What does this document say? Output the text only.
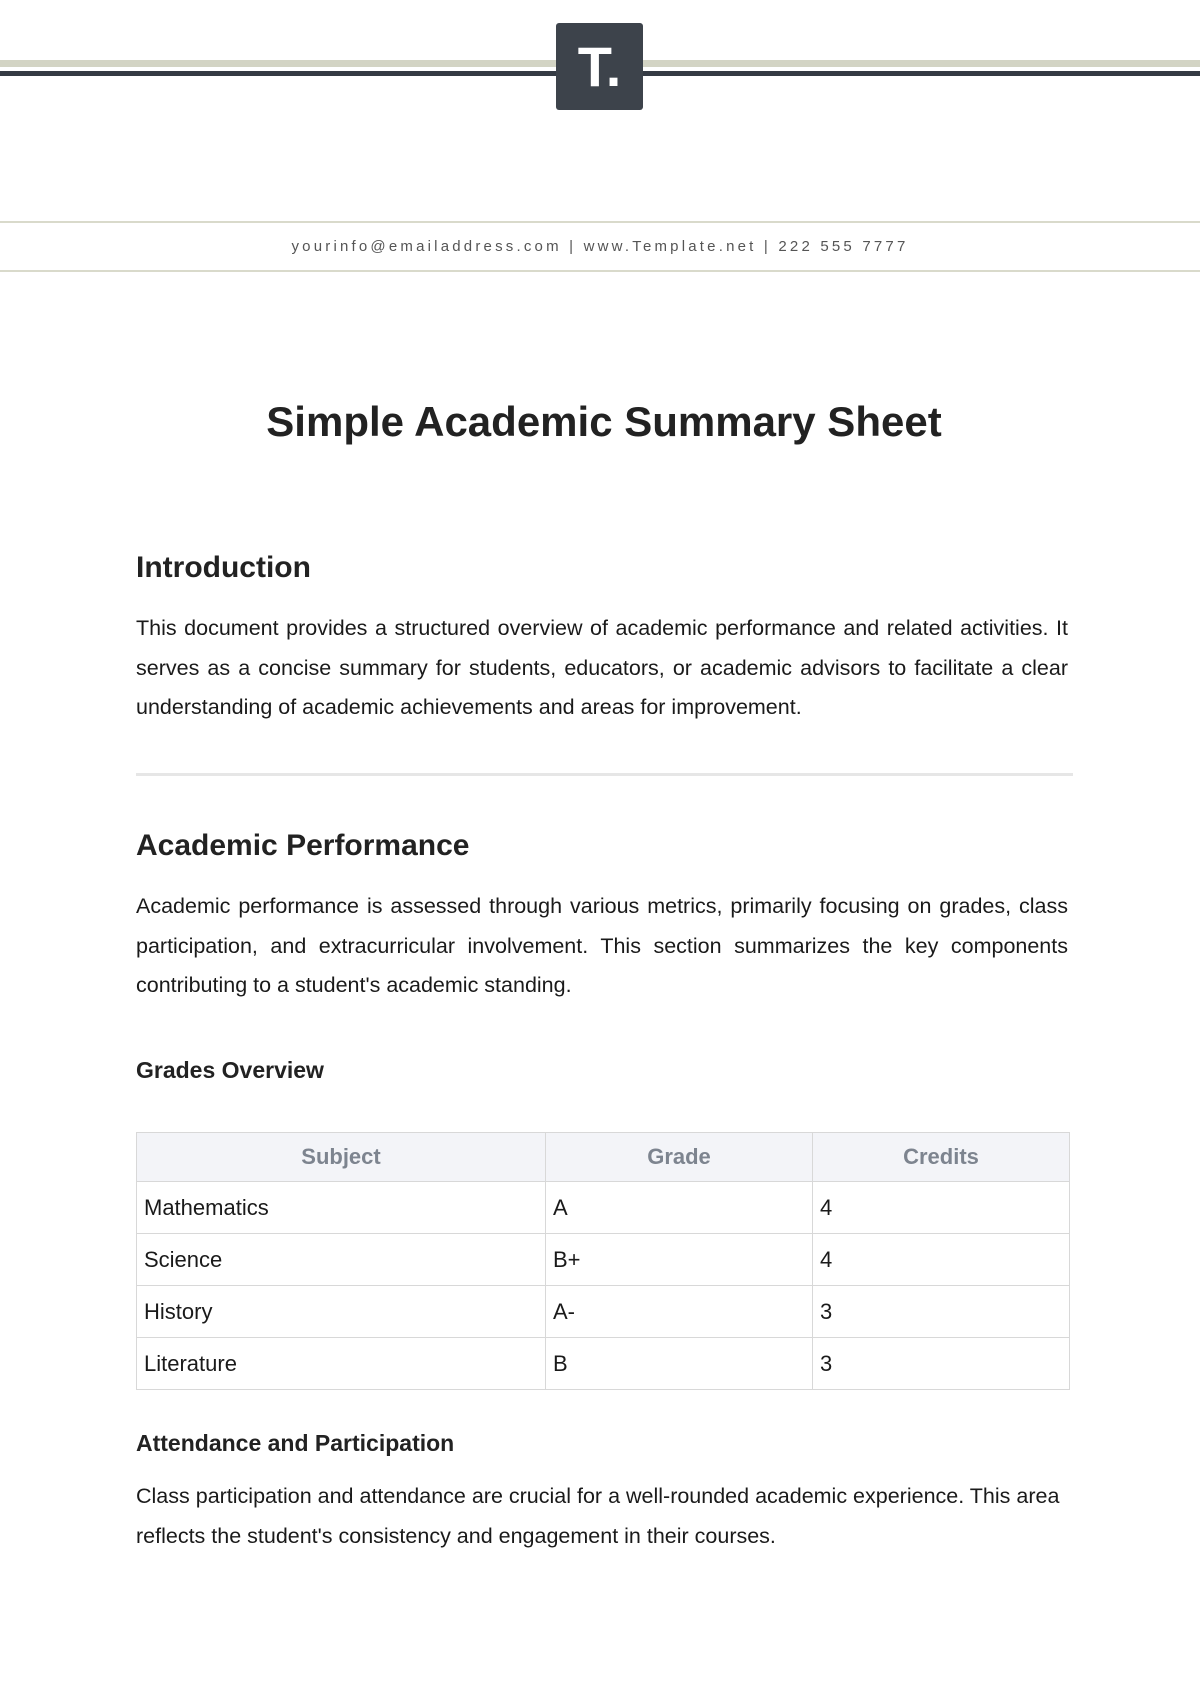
T.
yourinfo@emailaddress.com | www.Template.net | 222 555 7777
Simple Academic Summary Sheet
Introduction

This document provides a structured overview of academic performance and related activities. It serves as a concise summary for students, educators, or academic advisors to facilitate a clear understanding of academic achievements and areas for improvement.

Academic Performance

Academic performance is assessed through various metrics, primarily focusing on grades, class participation, and extracurricular involvement. This section summarizes the key components contributing to a student's academic standing.

Grades Overview
Subject	Grade	Credits
Mathematics	A	4
Science	B+	4
History	A-	3
Literature	B	3
Attendance and Participation

Class participation and attendance are crucial for a well-rounded academic experience. This area reflects the student's consistency and engagement in their courses.
